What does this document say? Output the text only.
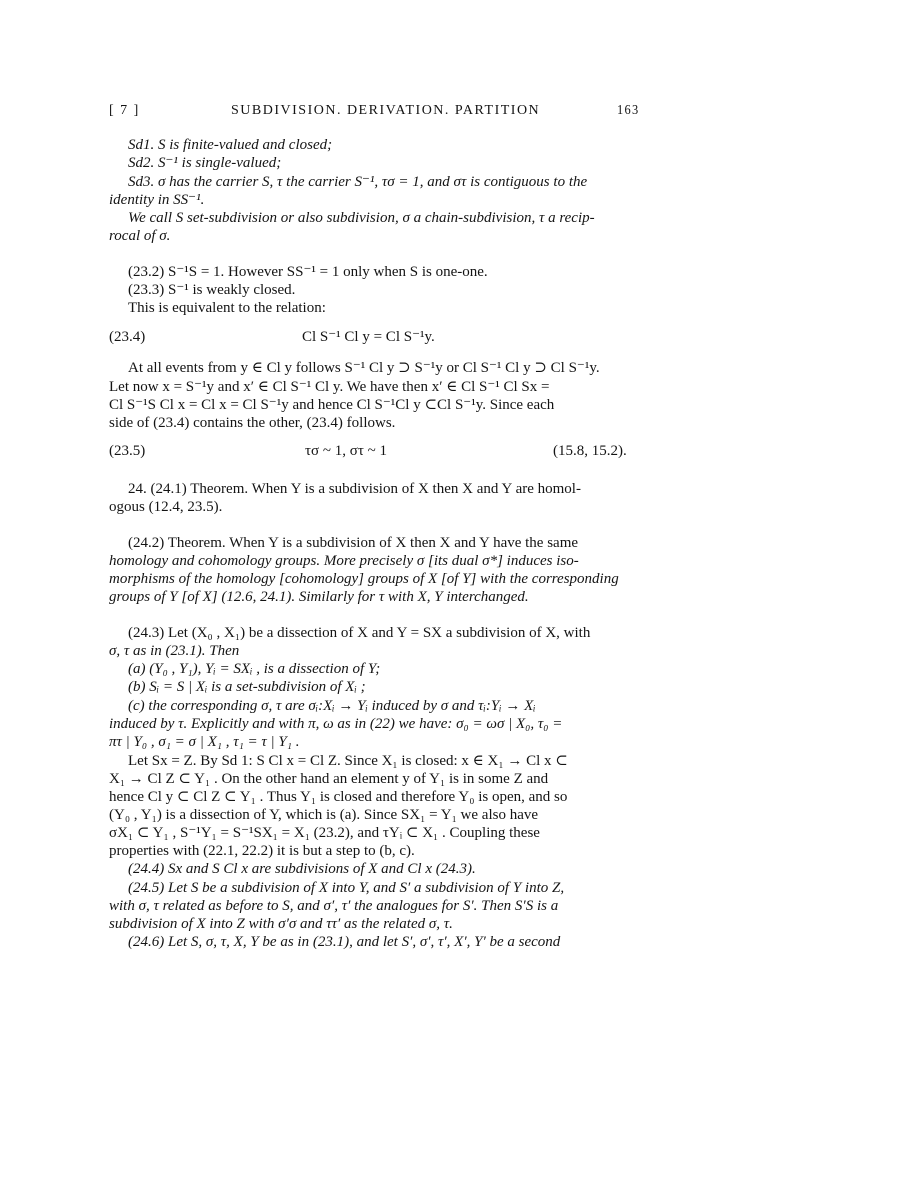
[ 7 ]	SUBDIVISION. DERIVATION. PARTITION	163
Sd1. S is finite-valued and closed;
Sd2. S⁻¹ is single-valued;
Sd3. σ has the carrier S, τ the carrier S⁻¹, τσ = 1, and στ is contiguous to the
identity in SS⁻¹.
We call S set-subdivision or also subdivision, σ a chain-subdivision, τ a recip-
rocal of σ.
(23.2) S⁻¹S = 1. However SS⁻¹ = 1 only when S is one-one.
(23.3) S⁻¹ is weakly closed.
This is equivalent to the relation:
(23.4)	Cl S⁻¹ Cl y = Cl S⁻¹y.
At all events from y ∈ Cl y follows S⁻¹ Cl y ⊃ S⁻¹y or Cl S⁻¹ Cl y ⊃ Cl S⁻¹y.
Let now x = S⁻¹y and x′ ∈ Cl S⁻¹ Cl y. We have then x′ ∈ Cl S⁻¹ Cl Sx =
Cl S⁻¹S Cl x = Cl x = Cl S⁻¹y and hence Cl S⁻¹Cl y ⊂Cl S⁻¹y. Since each
side of (23.4) contains the other, (23.4) follows.
(23.5)	τσ ~ 1, στ ~ 1	(15.8, 15.2).
24. (24.1) Theorem. When Y is a subdivision of X then X and Y are homol-
ogous (12.4, 23.5).
(24.2) Theorem. When Y is a subdivision of X then X and Y have the same
homology and cohomology groups. More precisely σ [its dual σ*] induces iso-
morphisms of the homology [cohomology] groups of X [of Y] with the corresponding
groups of Y [of X] (12.6, 24.1). Similarly for τ with X, Y interchanged.
(24.3) Let (X₀ , X₁) be a dissection of X and Y = SX a subdivision of X, with
σ, τ as in (23.1). Then
(a) (Y₀ , Y₁), Yᵢ = SXᵢ , is a dissection of Y;
(b) Sᵢ = S | Xᵢ is a set-subdivision of Xᵢ ;
(c) the corresponding σ, τ are σᵢ:Xᵢ → Yᵢ induced by σ and τᵢ:Yᵢ → Xᵢ
induced by τ. Explicitly and with π, ω as in (22) we have: σ₀ = ωσ | X₀, τ₀ =
πτ | Y₀ , σ₁ = σ | X₁ , τ₁ = τ | Y₁ .
Let Sx = Z. By Sd 1: S Cl x = Cl Z. Since X₁ is closed: x ∈ X₁ → Cl x ⊂
X₁ → Cl Z ⊂ Y₁ . On the other hand an element y of Y₁ is in some Z and
hence Cl y ⊂ Cl Z ⊂ Y₁ . Thus Y₁ is closed and therefore Y₀ is open, and so
(Y₀ , Y₁) is a dissection of Y, which is (a). Since SX₁ = Y₁ we also have
σX₁ ⊂ Y₁ , S⁻¹Y₁ = S⁻¹SX₁ = X₁ (23.2), and τYᵢ ⊂ X₁ . Coupling these
properties with (22.1, 22.2) it is but a step to (b, c).
(24.4) Sx and S Cl x are subdivisions of X and Cl x (24.3).
(24.5) Let S be a subdivision of X into Y, and S′ a subdivision of Y into Z,
with σ, τ related as before to S, and σ′, τ′ the analogues for S′. Then S′S is a
subdivision of X into Z with σ′σ and ττ′ as the related σ, τ.
(24.6) Let S, σ, τ, X, Y be as in (23.1), and let S′, σ′, τ′, X′, Y′ be a second
